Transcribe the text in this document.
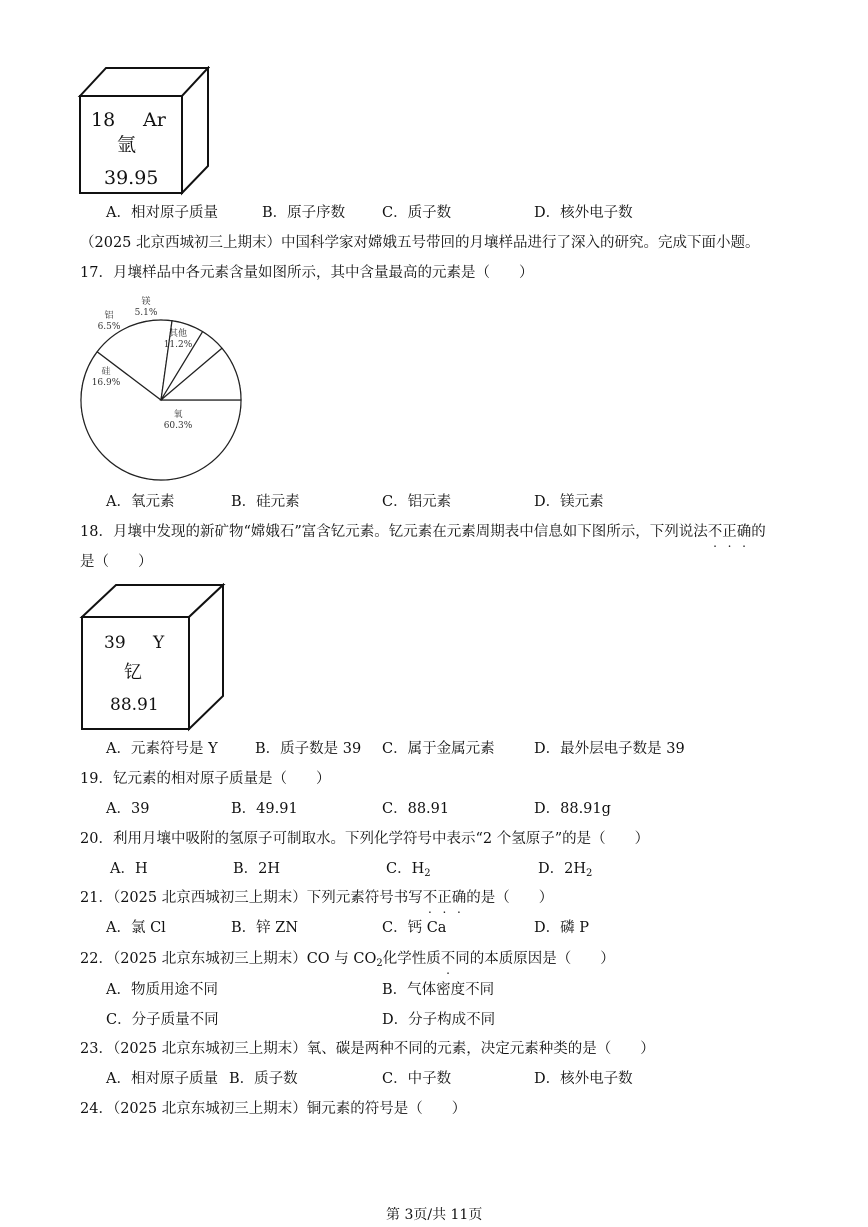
18 Ar
氩
39.95
A．相对原子质量	B．原子序数	C．质子数	D．核外电子数
（2025 北京西城初三上期末）中国科学家对嫦娥五号带回的月壤样品进行了深入的研究。完成下面小题。
17．月壤样品中各元素含量如图所示，其中含量最高的元素是（　　）
氧
60.3%
硅
16.9%
铝
6.5%
镁
5.1%
其他
11.2%
A．氧元素	B．硅元素	C．铝元素	D．镁元素
18．月壤中发现的新矿物“嫦娥石”富含钇元素。钇元素在元素周期表中信息如下图所示，下列说法不正确的
是（　　）
39 Y
钇
88.91
A．元素符号是 Y	B．质子数是 39 C．属于金属元素	D．最外层电子数是 39
19．钇元素的相对原子质量是（　　）
A．39	B．49.91	C．88.91	D．88.91g
20．利用月壤中吸附的氢原子可制取水。下列化学符号中表示“2 个氢原子”的是（　　）
A．H	B．2H	C．$H_2$	D．$2H_2$
21．（2025 北京西城初三上期末）下列元素符号书写不正确的是（　　）
A．氯 Cl	B．锌 ZN	C．钙 Ca	D．磷 P
22．（2025 北京东城初三上期末）CO 与 $CO_2$化学性质不同的本质原因是（　　）
A．物质用途不同	B．气体密度不同
C．分子质量不同	D．分子构成不同
23．（2025 北京东城初三上期末）氧、碳是两种不同的元素，决定元素种类的是（　　）
A．相对原子质量 B．质子数	C．中子数	D．核外电子数
24．（2025 北京东城初三上期末）铜元素的符号是（　　）
第 3页/共 11页
